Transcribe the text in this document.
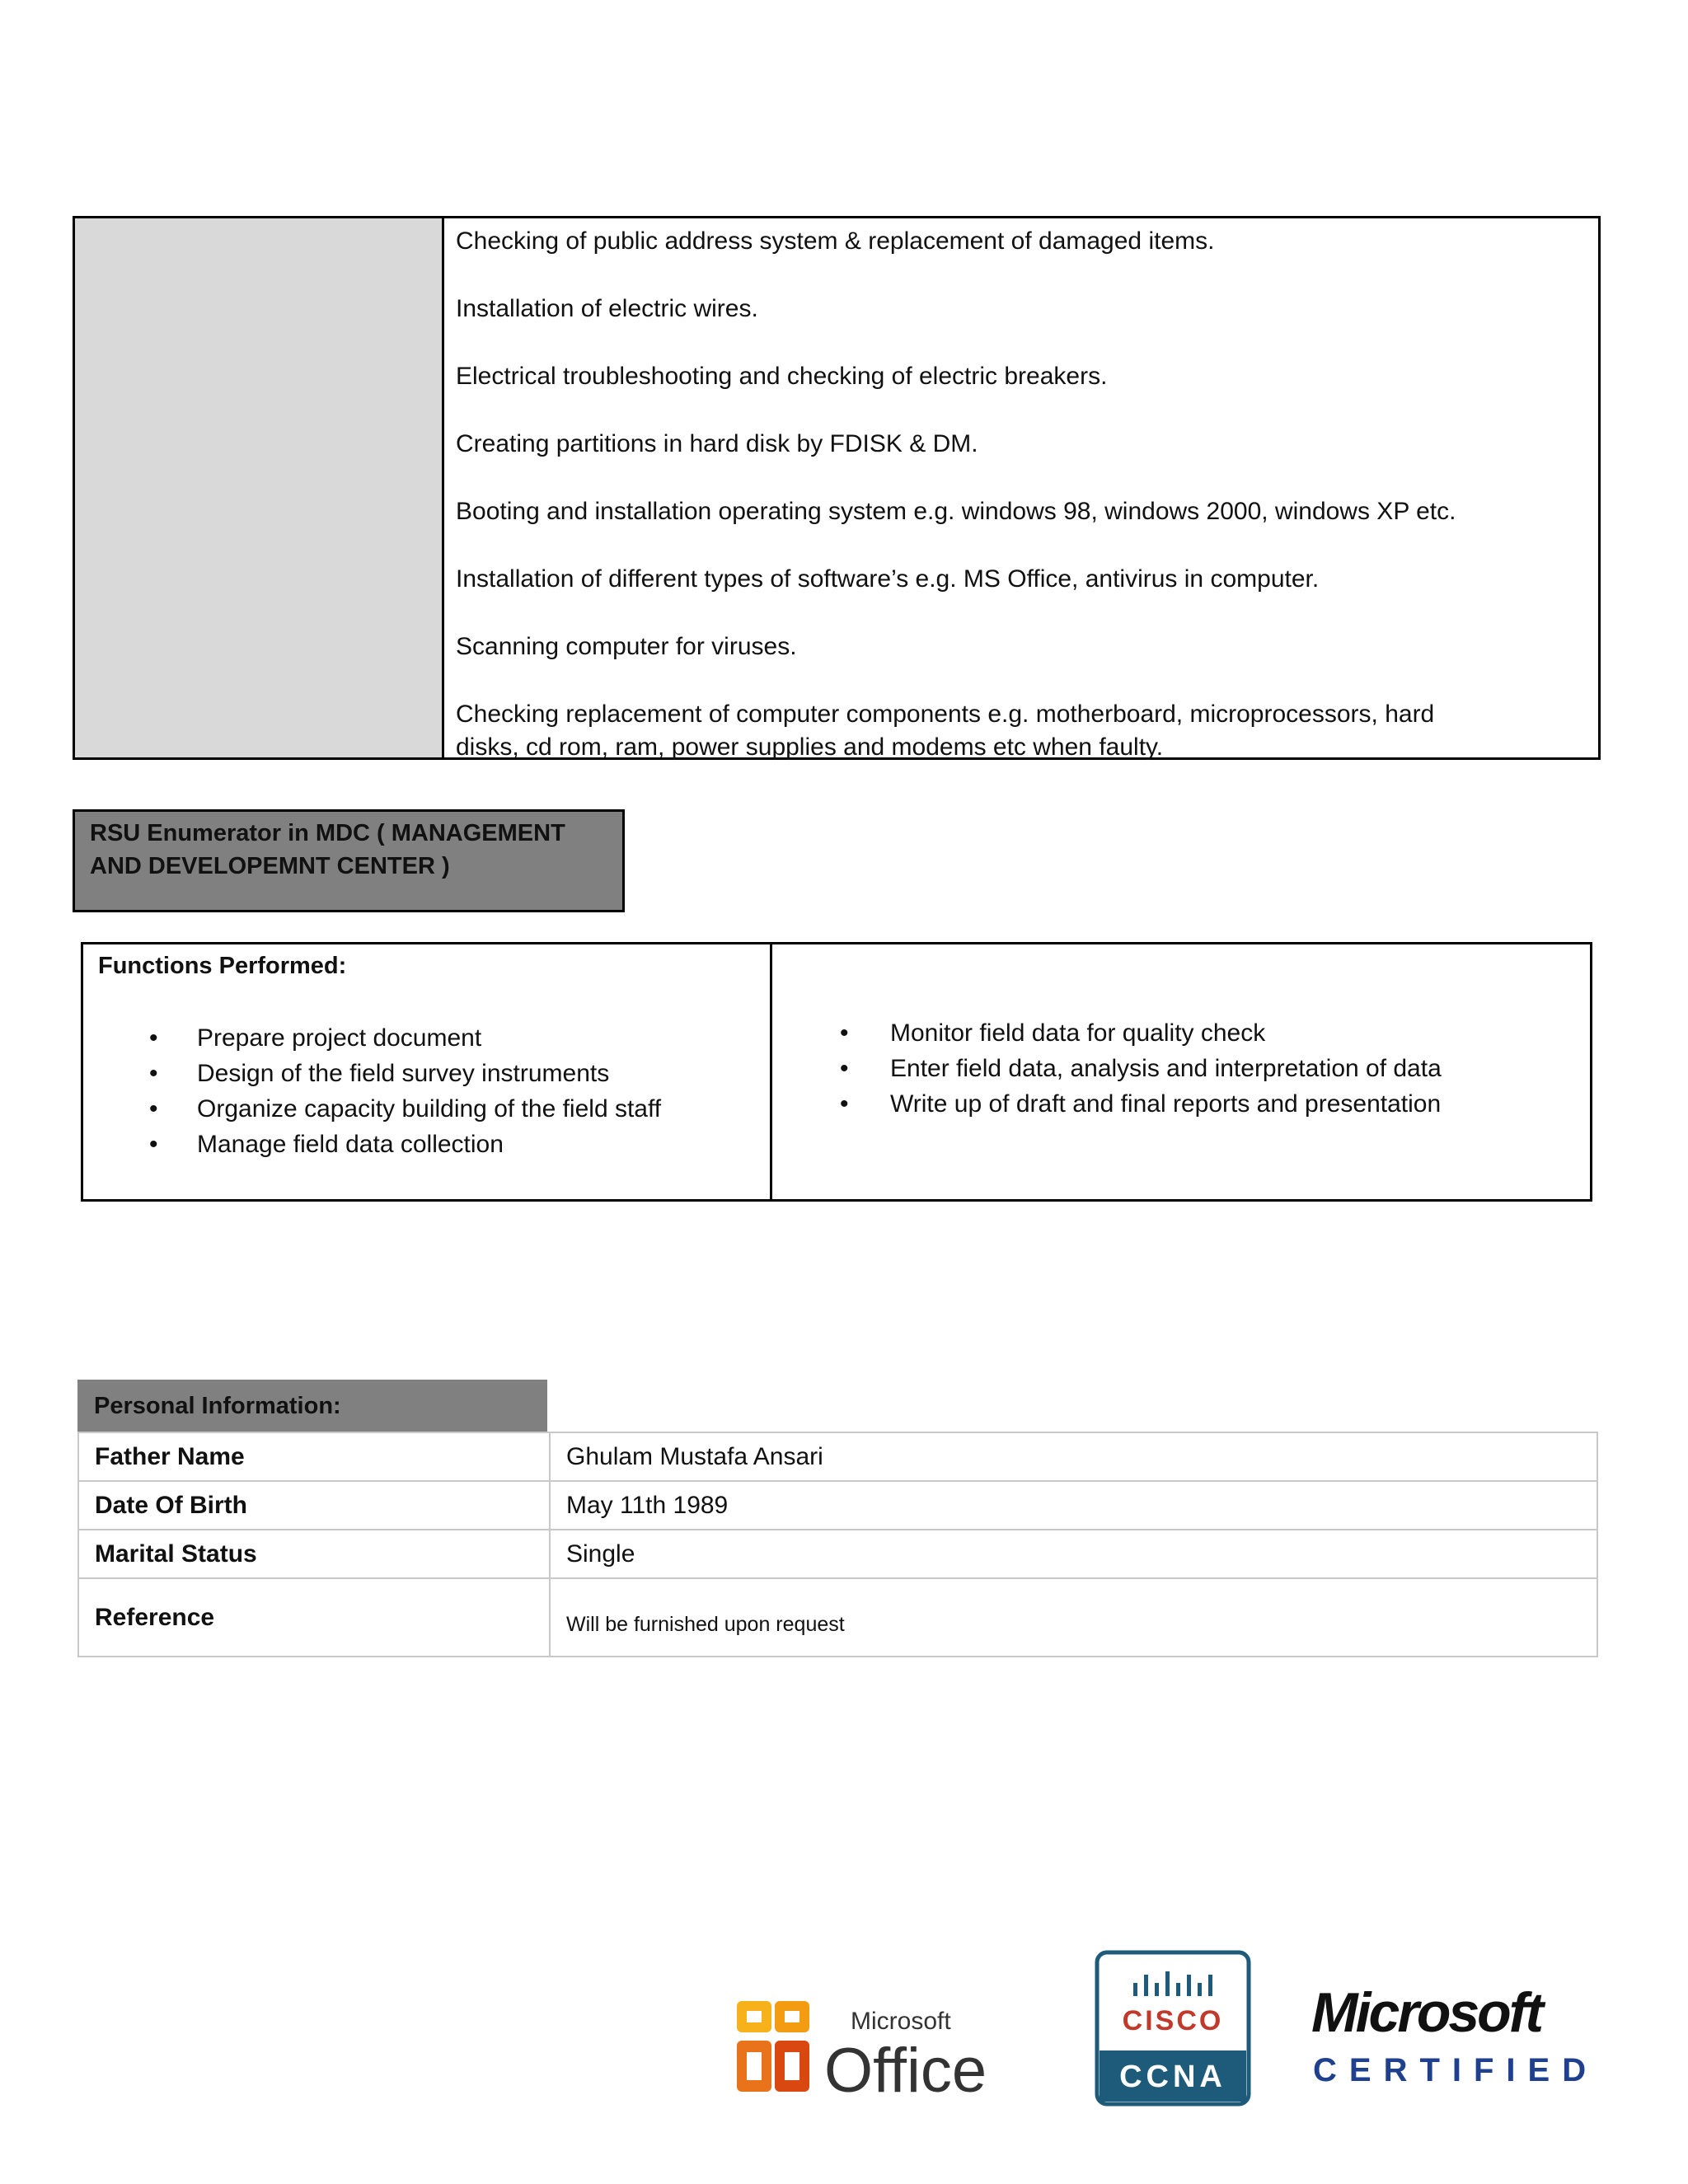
Checking of public address system & replacement of damaged items.

Installation of electric wires.

Electrical troubleshooting and checking of electric breakers.

Creating partitions in hard disk by FDISK & DM.

Booting and installation operating system e.g. windows 98, windows 2000, windows XP etc.

Installation of different types of software’s e.g. MS Office, antivirus in computer.

Scanning computer for viruses.

Checking replacement of computer components e.g. motherboard, microprocessors, hard disks, cd rom, ram, power supplies and modems etc when faulty.

RSU Enumerator in MDC ( MANAGEMENT
AND DEVELOPEMNT CENTER )
Functions Performed:
• Prepare project document
• Design of the field survey instruments
• Organize capacity building of the field staff
• Manage field data collection
• Monitor field data for quality check
• Enter field data, analysis and interpretation of data
• Write up of draft and final reports and presentation
Personal Information:
Father Name	Ghulam Mustafa Ansari
Date Of Birth	May 11th 1989
Marital Status	Single
Reference	Will be furnished upon request
Microsoft
Office
CISCO
CCNA
Microsoft
CERTIFIED
